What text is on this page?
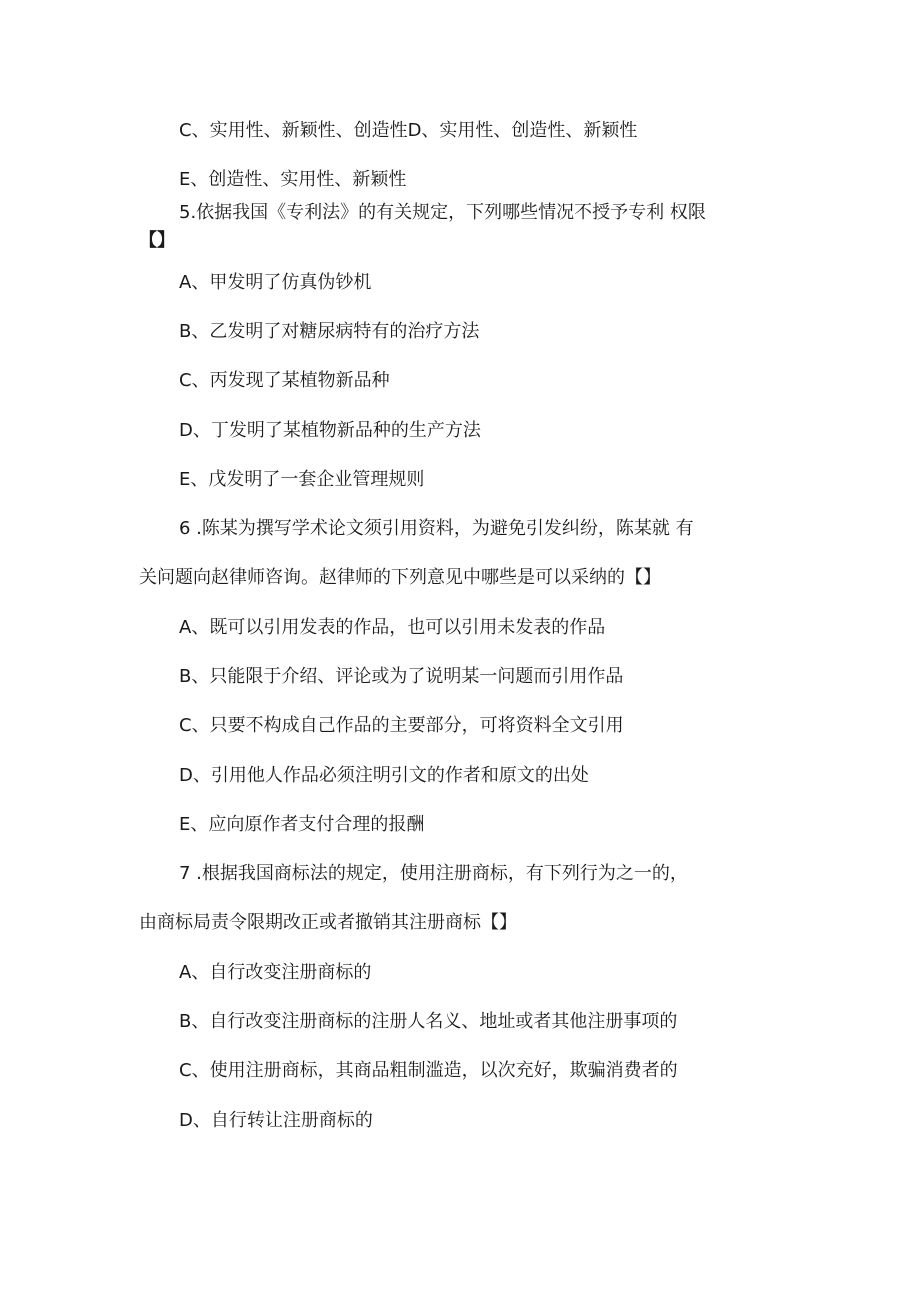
C、实用性、新颖性、创造性D、实用性、创造性、新颖性
E、创造性、实用性、新颖性
5.依据我国《专利法》的有关规定，下列哪些情况不授予专利 权限
【】
A、甲发明了仿真伪钞机
B、乙发明了对糖尿病特有的治疗方法
C、丙发现了某植物新品种
D、丁发明了某植物新品种的生产方法
E、戊发明了一套企业管理规则
6 .陈某为撰写学术论文须引用资料，为避免引发纠纷，陈某就 有
关问题向赵律师咨询。赵律师的下列意见中哪些是可以采纳的【】
A、既可以引用发表的作品，也可以引用未发表的作品
B、只能限于介绍、评论或为了说明某一问题而引用作品
C、只要不构成自己作品的主要部分，可将资料全文引用
D、引用他人作品必须注明引文的作者和原文的出处
E、应向原作者支付合理的报酬
7 .根据我国商标法的规定，使用注册商标，有下列行为之一的，
由商标局责令限期改正或者撤销其注册商标【】
A、自行改变注册商标的
B、自行改变注册商标的注册人名义、地址或者其他注册事项的
C、使用注册商标，其商品粗制滥造，以次充好，欺骗消费者的
D、自行转让注册商标的
